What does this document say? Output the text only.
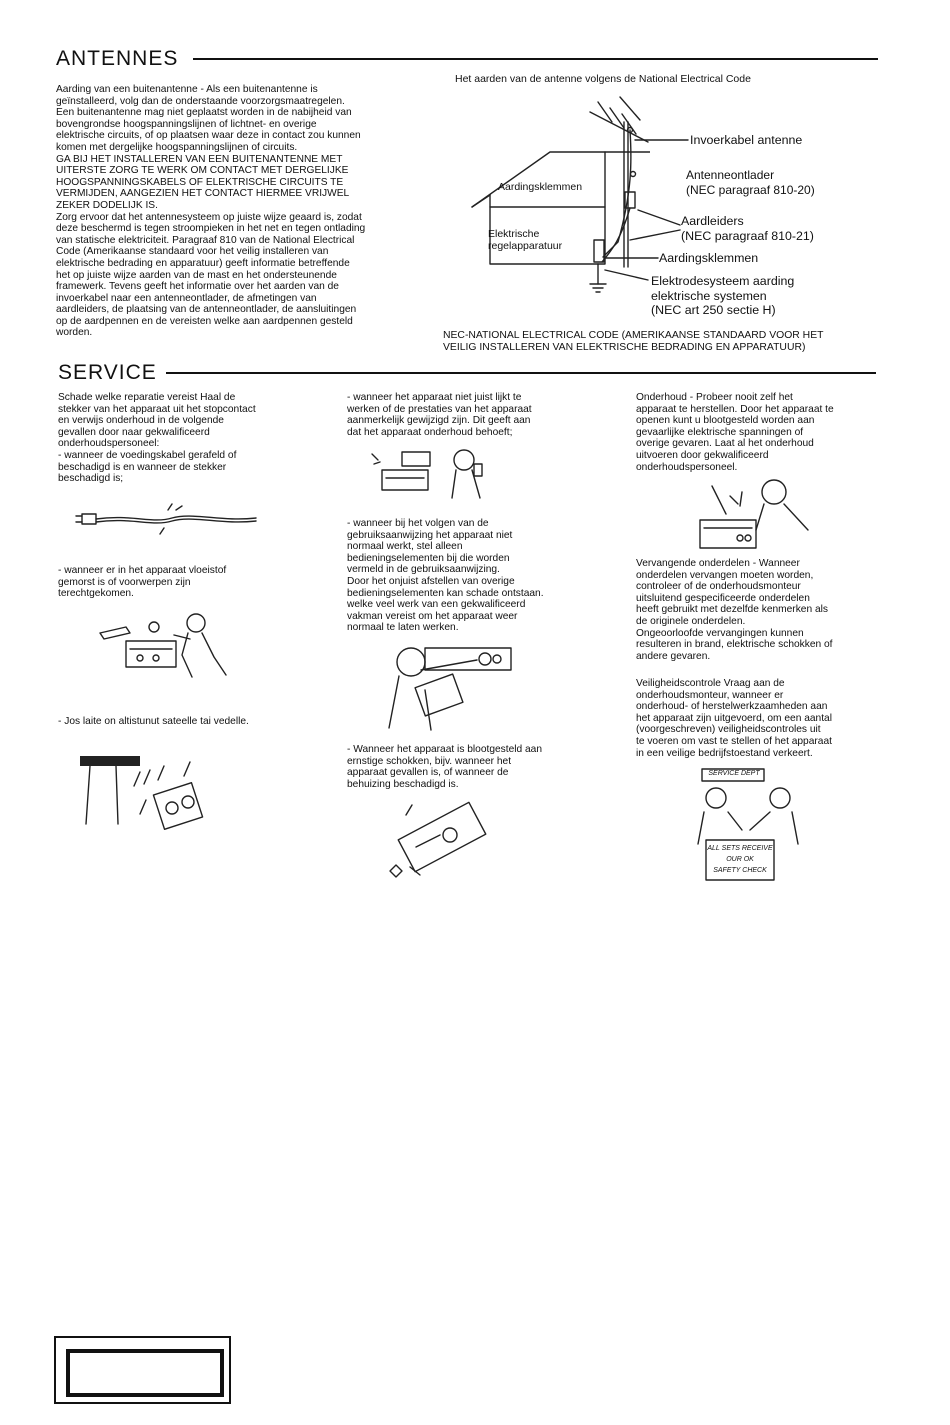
ANTENNES

Aarding van een buitenantenne - Als een buitenantenne is
geïnstalleerd, volg dan de onderstaande voorzorgsmaatregelen.
Een buitenantenne mag niet geplaatst worden in de nabijheid van
bovengrondse hoogspanningslijnen of lichtnet- en overige
elektrische circuits, of op plaatsen waar deze in contact zou kunnen
komen met dergelijke hoogspanningslijnen of circuits.
GA BIJ HET INSTALLEREN VAN EEN BUITENANTENNE MET
UITERSTE ZORG TE WERK OM CONTACT MET DERGELIJKE
HOOGSPANNINGSKABELS OF ELEKTRISCHE CIRCUITS TE
VERMIJDEN, AANGEZIEN HET CONTACT HIERMEE VRIJWEL
ZEKER DODELIJK IS.
Zorg ervoor dat het antennesysteem op juiste wijze geaard is, zodat
deze beschermd is tegen stroompieken in het net en tegen ontlading
van statische elektriciteit. Paragraaf 810 van de National Electrical
Code (Amerikaanse standaard voor het veilig installeren van
elektrische bedrading en apparatuur) geeft informatie betreffende
het op juiste wijze aarden van de mast en het ondersteunende
framewerk. Tevens geeft het informatie over het aarden van de
invoerkabel naar een antenneontlader, de afmetingen van
aardleiders, de plaatsing van de antenneontlader, de aansluitingen
op de aardpennen en de vereisten welke aan aardpennen gesteld
worden.

Het aarden van de antenne volgens de National Electrical Code
Aardingsklemmen
Elektrische
regelapparatuur
Invoerkabel antenne
Antenneontlader
(NEC paragraaf 810-20)
Aardleiders
(NEC paragraaf 810-21)
Aardingsklemmen
Elektrodesysteem aarding
elektrische systemen
(NEC art 250 sectie H)
NEC-NATIONAL ELECTRICAL CODE (AMERIKAANSE STANDAARD VOOR HET
VEILIG INSTALLEREN VAN ELEKTRISCHE BEDRADING EN APPARATUUR)
SERVICE

Schade welke reparatie vereist Haal de
stekker van het apparaat uit het stopcontact
en verwijs onderhoud in de volgende
gevallen door naar gekwalificeerd
onderhoudspersoneel:
- wanneer de voedingskabel gerafeld of
beschadigd is en wanneer de stekker
beschadigd is;

- wanneer er in het apparaat vloeistof
gemorst is of voorwerpen zijn
terechtgekomen.

- Jos laite on altistunut sateelle tai vedelle.

- wanneer het apparaat niet juist lijkt te
werken of de prestaties van het apparaat
aanmerkelijk gewijzigd zijn. Dit geeft aan
dat het apparaat onderhoud behoeft;

- wanneer bij het volgen van de
gebruiksaanwijzing het apparaat niet
normaal werkt, stel alleen
bedieningselementen bij die worden
vermeld in de gebruiksaanwijzing.
Door het onjuist afstellen van overige
bedieningselementen kan schade ontstaan.
welke veel werk van een gekwalificeerd
vakman vereist om het apparaat weer
normaal te laten werken.

- Wanneer het apparaat is blootgesteld aan
ernstige schokken, bijv. wanneer het
apparaat gevallen is, of wanneer de
behuizing beschadigd is.

Onderhoud - Probeer nooit zelf het
apparaat te herstellen. Door het apparaat te
openen kunt u blootgesteld worden aan
gevaarlijke elektrische spanningen of
overige gevaren. Laat al het onderhoud
uitvoeren door gekwalificeerd
onderhoudspersoneel.

Vervangende onderdelen - Wanneer
onderdelen vervangen moeten worden,
controleer of de onderhoudsmonteur
uitsluitend gespecificeerde onderdelen
heeft gebruikt met dezelfde kenmerken als
de originele onderdelen.
Ongeoorloofde vervangingen kunnen
resulteren in brand, elektrische schokken of
andere gevaren.

Veiligheidscontrole Vraag aan de
onderhoudsmonteur, wanneer er
onderhoud- of herstelwerkzaamheden aan
het apparaat zijn uitgevoerd, om een aantal
(voorgeschreven) veiligheidscontroles uit
te voeren om vast te stellen of het apparaat
in een veilige bedrijfstoestand verkeert.

SERVICE DEPT
ALL SETS RECEIVE
OUR OK
SAFETY CHECK
